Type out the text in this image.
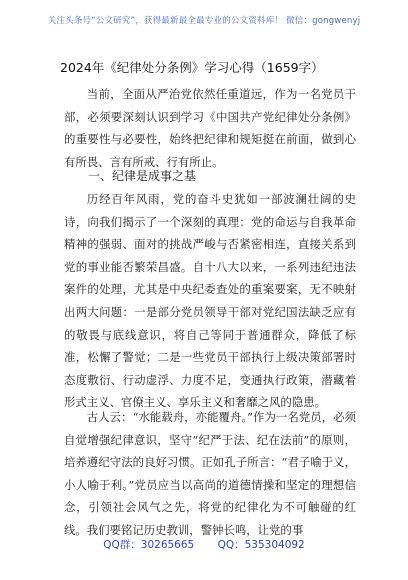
关注头条号“公文研究”，获得最新最全最专业的公文资料库！ 微信：gongwenyj
2024年《纪律处分条例》学习心得（1659字）

当前，全面从严治党依然任重道远，作为一名党员干部，必须要深刻认识到学习《中国共产党纪律处分条例》的重要性与必要性，始终把纪律和规矩挺在前面，做到心有所畏、言有所戒、行有所止。

一、纪律是成事之基

历经百年风雨，党的奋斗史犹如一部波澜壮阔的史诗，向我们揭示了一个深刻的真理：党的命运与自我革命精神的强弱、面对的挑战严峻与否紧密相连，直接关系到党的事业能否繁荣昌盛。自十八大以来，一系列违纪违法案件的处理，尤其是中央纪委查处的重案要案，无不映射出两大问题：一是部分党员领导干部对党纪国法缺乏应有的敬畏与底线意识，将自己等同于普通群众，降低了标准，松懈了警觉；二是一些党员干部执行上级决策部署时态度敷衍、行动虚浮、力度不足，变通执行政策，潜藏着形式主义、官僚主义、享乐主义和奢靡之风的隐患。

古人云：“水能载舟，亦能覆舟。”作为一名党员，必须自觉增强纪律意识，坚守“纪严于法、纪在法前”的原则，培养遵纪守法的良好习惯。正如孔子所言：“君子喻于义，小人喻于利。”党员应当以高尚的道德情操和坚定的理想信念，引领社会风气之先，将党的纪律化为不可触碰的红线。我们要铭记历史教训，警钟长鸣，让党的事

QQ群：30265665 QQ：535304092
